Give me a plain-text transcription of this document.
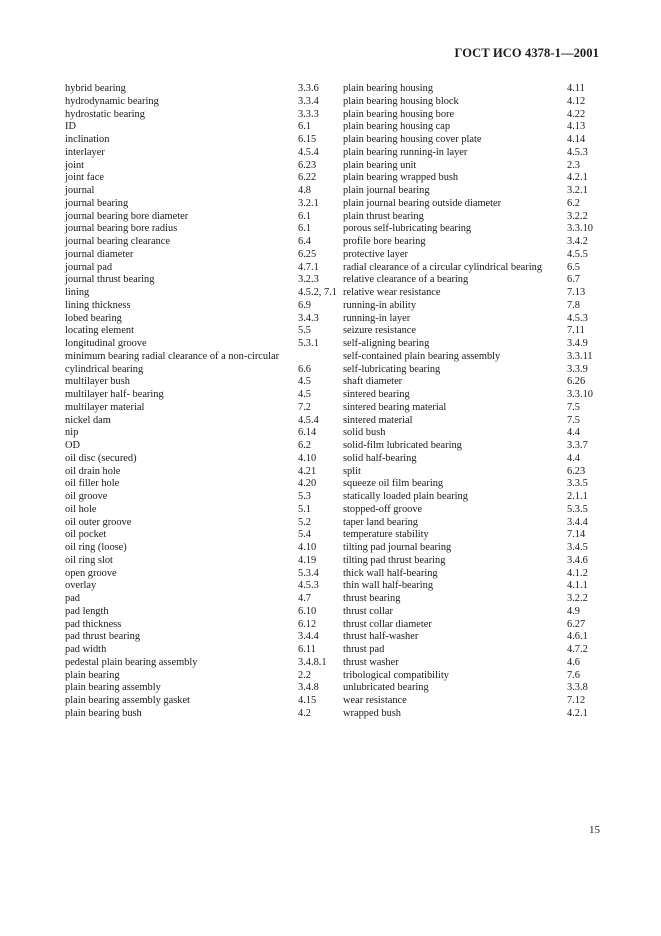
ГОСТ ИСО 4378-1—2001
hybrid bearing	3.3.6
hydrodynamic bearing	3.3.4
hydrostatic bearing	3.3.3
ID	6.1
inclination	6.15
interlayer	4.5.4
joint	6.23
joint face	6.22
journal	4.8
journal bearing	3.2.1
journal bearing bore diameter	6.1
journal bearing bore radius	6.1
journal bearing clearance	6.4
journal diameter	6.25
journal pad	4.7.1
journal thrust bearing	3.2.3
lining	4.5.2, 7.1
lining thickness	6.9
lobed bearing	3.4.3
locating element	5.5
longitudinal groove	5.3.1
minimum bearing radial clearance of a non-circular
cylindrical bearing	6.6
multilayer bush	4.5
multilayer half- bearing	4.5
multilayer material	7.2
nickel dam	4.5.4
nip	6.14
OD	6.2
oil disc (secured)	4.10
oil drain hole	4.21
oil filler hole	4.20
oil groove	5.3
oil hole	5.1
oil outer groove	5.2
oil pocket	5.4
oil ring (loose)	4.10
oil ring slot	4.19
open groove	5.3.4
overlay	4.5.3
pad	4.7
pad length	6.10
pad thickness	6.12
pad thrust bearing	3.4.4
pad width	6.11
pedestal plain bearing assembly	3.4.8.1
plain bearing	2.2
plain bearing assembly	3.4.8
plain bearing assembly gasket	4.15
plain bearing bush	4.2
plain bearing housing	4.11
plain bearing housing block	4.12
plain bearing housing bore	4.22
plain bearing housing cap	4.13
plain bearing housing cover plate	4.14
plain bearing running-in layer	4.5.3
plain bearing unit	2.3
plain bearing wrapped bush	4.2.1
plain journal bearing	3.2.1
plain journal bearing outside diameter	6.2
plain thrust bearing	3.2.2
porous self-lubricating bearing	3.3.10
profile bore bearing	3.4.2
protective layer	4.5.5
radial clearance of a circular cylindrical bearing 6.5
relative clearance of a bearing	6.7
relative wear resistance	7.13
running-in ability	7.8
running-in layer	4.5.3
seizure resistance	7.11
self-aligning bearing	3.4.9
self-contained plain bearing assembly	3.3.11
self-lubricating bearing	3.3.9
shaft diameter	6.26
sintered bearing	3.3.10
sintered bearing material	7.5
sintered material	7.5
solid bush	4.4
solid-film lubricated bearing	3.3.7
solid half-bearing	4.4
split	6.23
squeeze oil film bearing	3.3.5
statically loaded plain bearing	2.1.1
stopped-off groove	5.3.5
taper land bearing	3.4.4
temperature stability	7.14
tilting pad journal bearing	3.4.5
tilting pad thrust bearing	3.4.6
thick wall half-bearing	4.1.2
thin wall half-bearing	4.1.1
thrust bearing	3.2.2
thrust collar	4.9
thrust collar diameter	6.27
thrust half-washer	4.6.1
thrust pad	4.7.2
thrust washer	4.6
tribological compatibility	7.6
unlubricated bearing	3.3.8
wear resistance	7.12
wrapped bush	4.2.1
15
